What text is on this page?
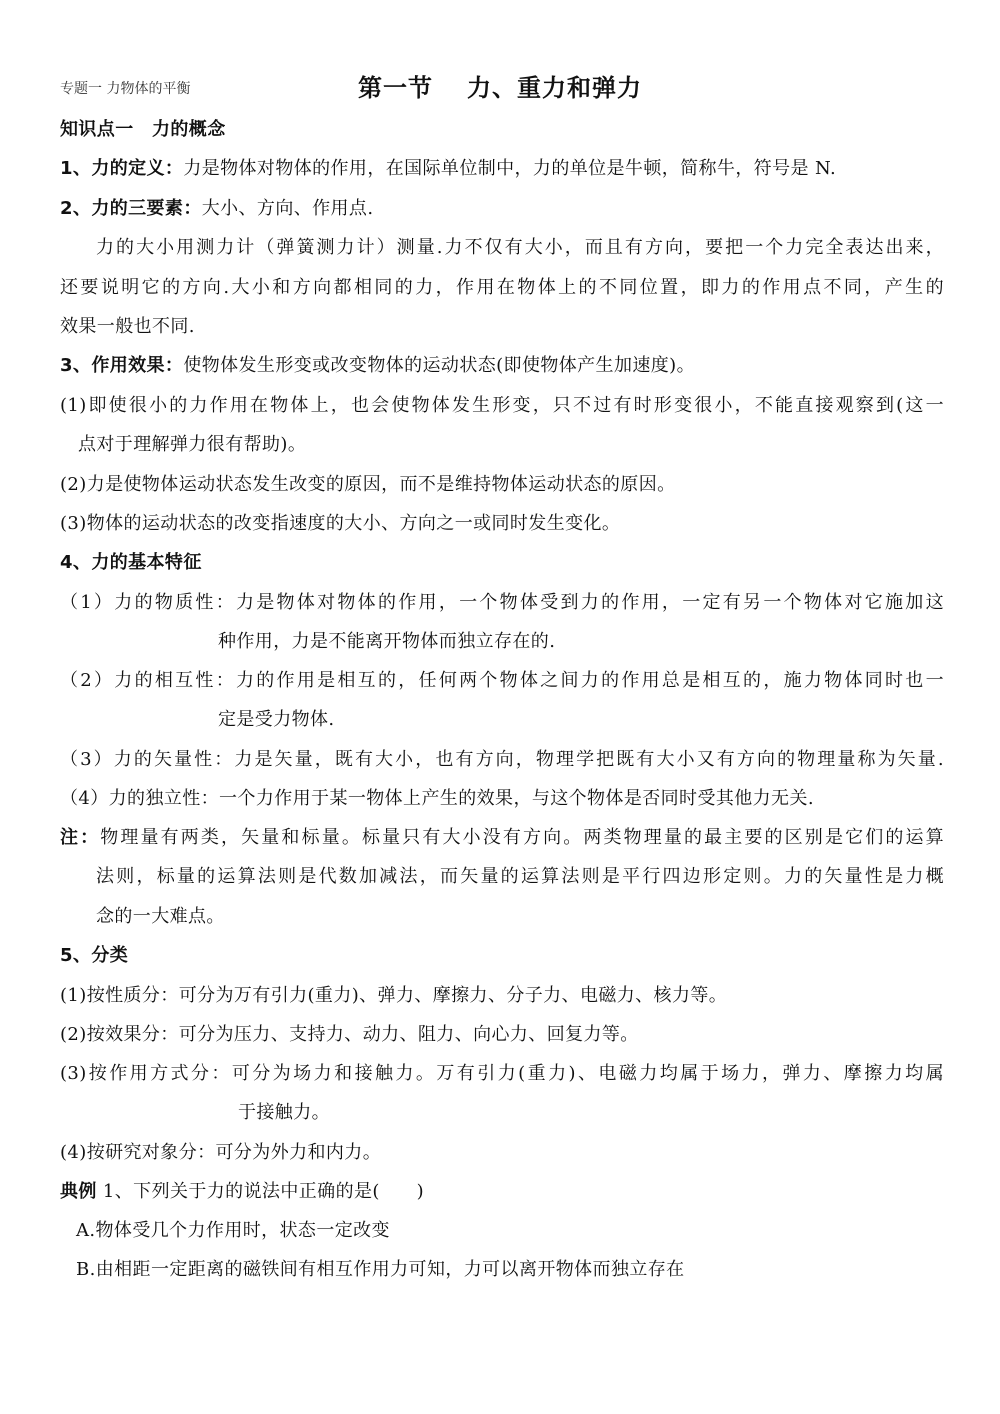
专题一 力物体的平衡	第一节 力、重力和弹力
知识点一　力的概念
1、力的定义：力是物体对物体的作用，在国际单位制中，力的单位是牛顿，简称牛，符号是 N.
2、力的三要素：大小、方向、作用点.
力的大小用测力计（弹簧测力计）测量.力不仅有大小，而且有方向，要把一个力完全表达出来，
还要说明它的方向.大小和方向都相同的力，作用在物体上的不同位置，即力的作用点不同，产生的
效果一般也不同.
3、作用效果：使物体发生形变或改变物体的运动状态(即使物体产生加速度)。
(1)即使很小的力作用在物体上，也会使物体发生形变，只不过有时形变很小，不能直接观察到(这一
点对于理解弹力很有帮助)。
(2)力是使物体运动状态发生改变的原因，而不是维持物体运动状态的原因。
(3)物体的运动状态的改变指速度的大小、方向之一或同时发生变化。
4、力的基本特征
（1）力的物质性：力是物体对物体的作用，一个物体受到力的作用，一定有另一个物体对它施加这
种作用，力是不能离开物体而独立存在的.
（2）力的相互性：力的作用是相互的，任何两个物体之间力的作用总是相互的，施力物体同时也一
定是受力物体.
（3）力的矢量性：力是矢量，既有大小，也有方向，物理学把既有大小又有方向的物理量称为矢量.
（4）力的独立性：一个力作用于某一物体上产生的效果，与这个物体是否同时受其他力无关.
注：物理量有两类，矢量和标量。标量只有大小没有方向。两类物理量的最主要的区别是它们的运算
法则，标量的运算法则是代数加减法，而矢量的运算法则是平行四边形定则。力的矢量性是力概
念的一大难点。
5、分类
(1)按性质分：可分为万有引力(重力)、弹力、摩擦力、分子力、电磁力、核力等。
(2)按效果分：可分为压力、支持力、动力、阻力、向心力、回复力等。
(3)按作用方式分：可分为场力和接触力。万有引力(重力)、电磁力均属于场力，弹力、摩擦力均属
于接触力。
(4)按研究对象分：可分为外力和内力。
典例 1、下列关于力的说法中正确的是(　　)
A.物体受几个力作用时，状态一定改变
B.由相距一定距离的磁铁间有相互作用力可知，力可以离开物体而独立存在
